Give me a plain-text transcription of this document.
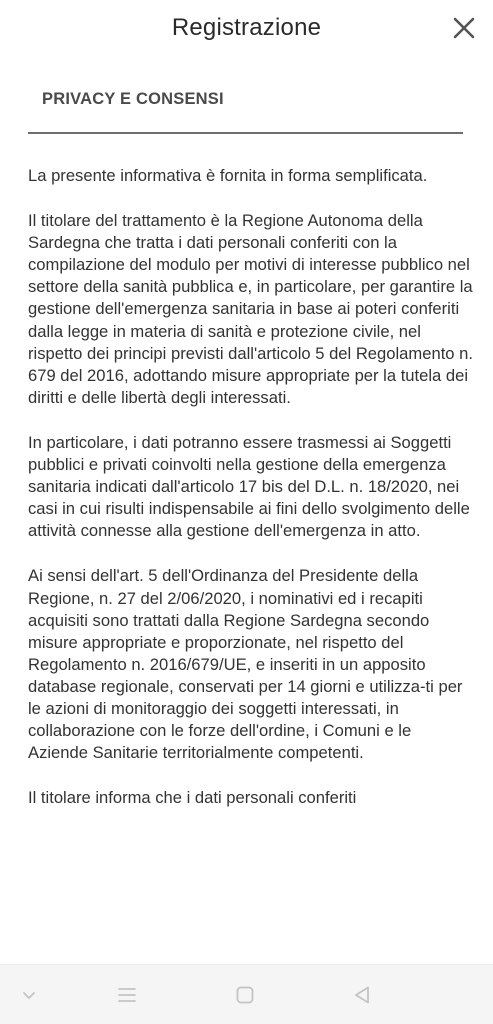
Registrazione
PRIVACY E CONSENSI

La presente informativa è fornita in forma semplificata.

Il titolare del trattamento è la Regione Autonoma della Sardegna che tratta i dati personali conferiti con la compilazione del modulo per motivi di interesse pubblico nel settore della sanità pubblica e, in particolare, per garantire la gestione dell'emergenza sanitaria in base ai poteri conferiti dalla legge in materia di sanità e protezione civile, nel rispetto dei principi previsti dall'articolo 5 del Regolamento n. 679 del 2016, adottando misure appropriate per la tutela dei diritti e delle libertà degli interessati.

In particolare, i dati potranno essere trasmessi ai Soggetti pubblici e privati coinvolti nella gestione della emergenza sanitaria indicati dall'articolo 17 bis del D.L. n. 18/2020, nei casi in cui risulti indispensabile ai fini dello svolgimento delle attività connesse alla gestione dell'emergenza in atto.

Ai sensi dell'art. 5 dell'Ordinanza del Presidente della Regione, n. 27 del 2/06/2020, i nominativi ed i recapiti acquisiti sono trattati dalla Regione Sardegna secondo misure appropriate e proporzionate, nel rispetto del Regolamento n. 2016/679/UE, e inseriti in un apposito database regionale, conservati per 14 giorni e utilizza-ti per le azioni di monitoraggio dei soggetti interessati, in collaborazione con le forze dell'ordine, i Comuni e le Aziende Sanitarie territorialmente competenti.

Il titolare informa che i dati personali conferiti
